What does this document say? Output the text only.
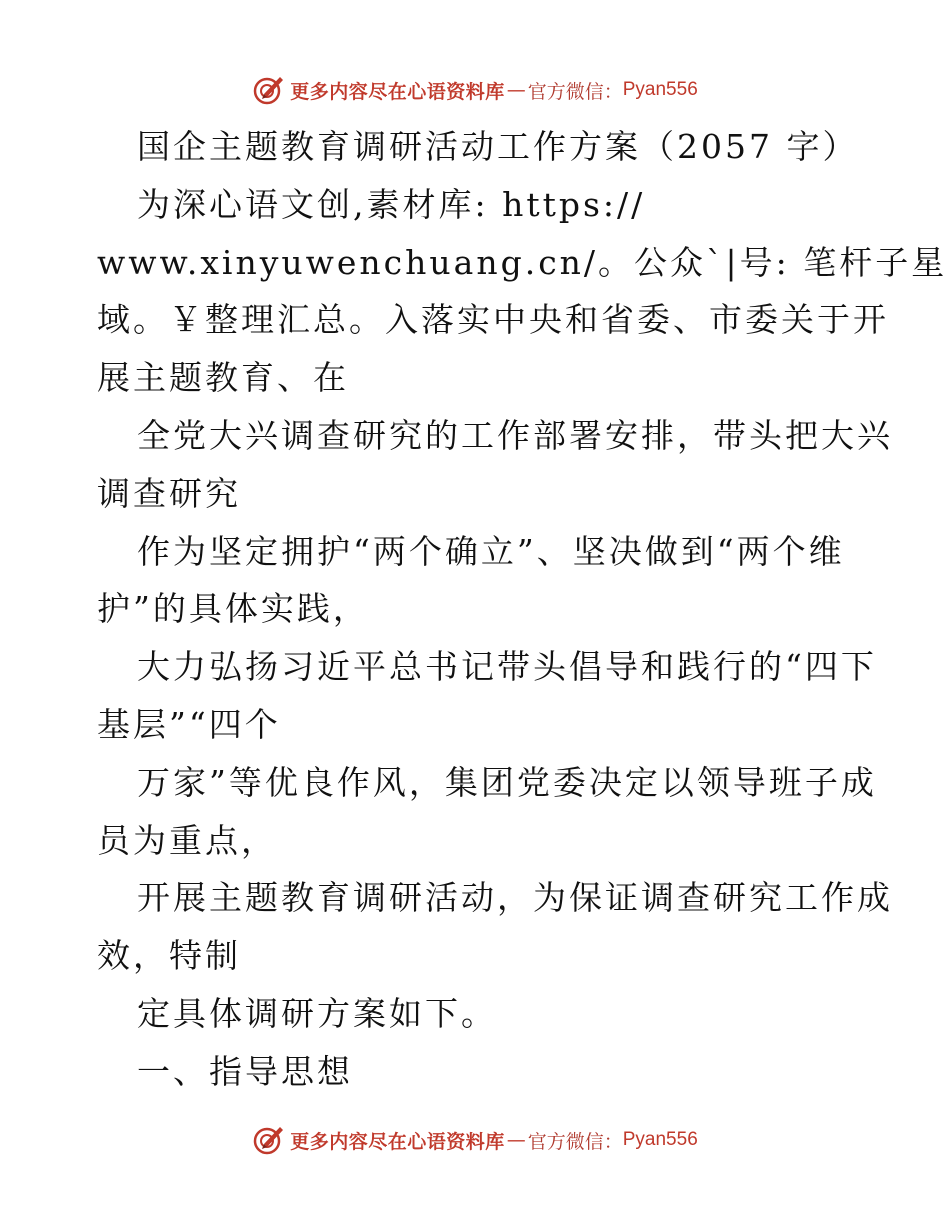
更多内容尽在心语资料库 — 官方微信： Pyan556
国企主题教育调研活动工作方案（2057 字）
为深心语文创,素材库: https://
www.xinyuwenchuang.cn/。公众`|号: 笔杆子星
域。￥整理汇总。入落实中央和省委、市委关于开
展主题教育、在
全党大兴调查研究的工作部署安排，带头把大兴
调查研究
作为坚定拥护“两个确立”、坚决做到“两个维
护”的具体实践，
大力弘扬习近平总书记带头倡导和践行的“四下
基层”“四个
万家”等优良作风，集团党委决定以领导班子成
员为重点，
开展主题教育调研活动，为保证调查研究工作成
效，特制
定具体调研方案如下。
一、指导思想
更多内容尽在心语资料库 — 官方微信： Pyan556
